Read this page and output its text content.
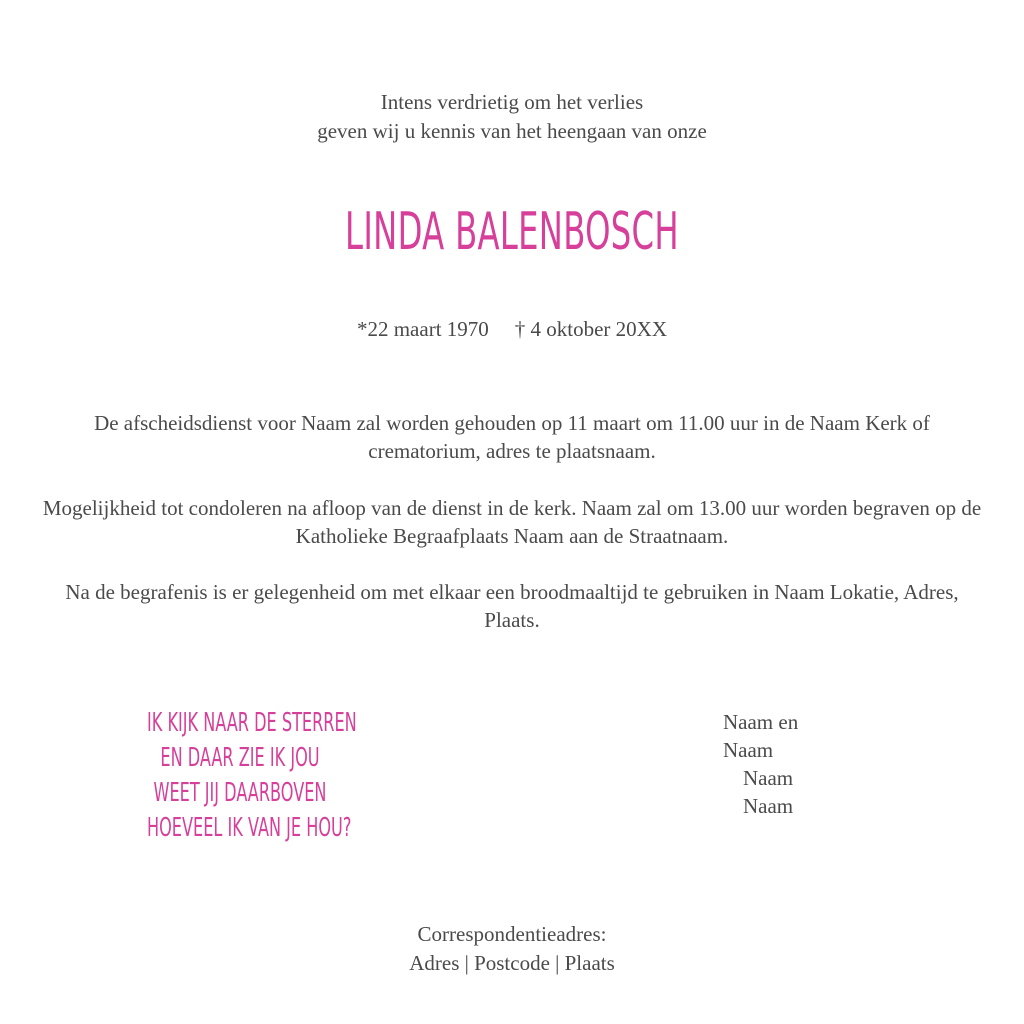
Intens verdrietig om het verlies
geven wij u kennis van het heengaan van onze
LINDA BALENBOSCH
*22 maart 1970 † 4 oktober 20XX
De afscheidsdienst voor Naam zal worden gehouden op 11 maart om 11.00 uur in de Naam Kerk of crematorium, adres te plaatsnaam.
Mogelijkheid tot condoleren na afloop van de dienst in de kerk. Naam zal om 13.00 uur worden begraven op de Katholieke Begraafplaats Naam aan de Straatnaam.
Na de begrafenis is er gelegenheid om met elkaar een broodmaaltijd te gebruiken in Naam Lokatie, Adres, Plaats.
IK KIJK NAAR DE STERREN
EN DAAR ZIE IK JOU
WEET JIJ DAARBOVEN
HOEVEEL IK VAN JE HOU?
Naam en
Naam
Naam
Naam
Correspondentieadres:
Adres | Postcode | Plaats
